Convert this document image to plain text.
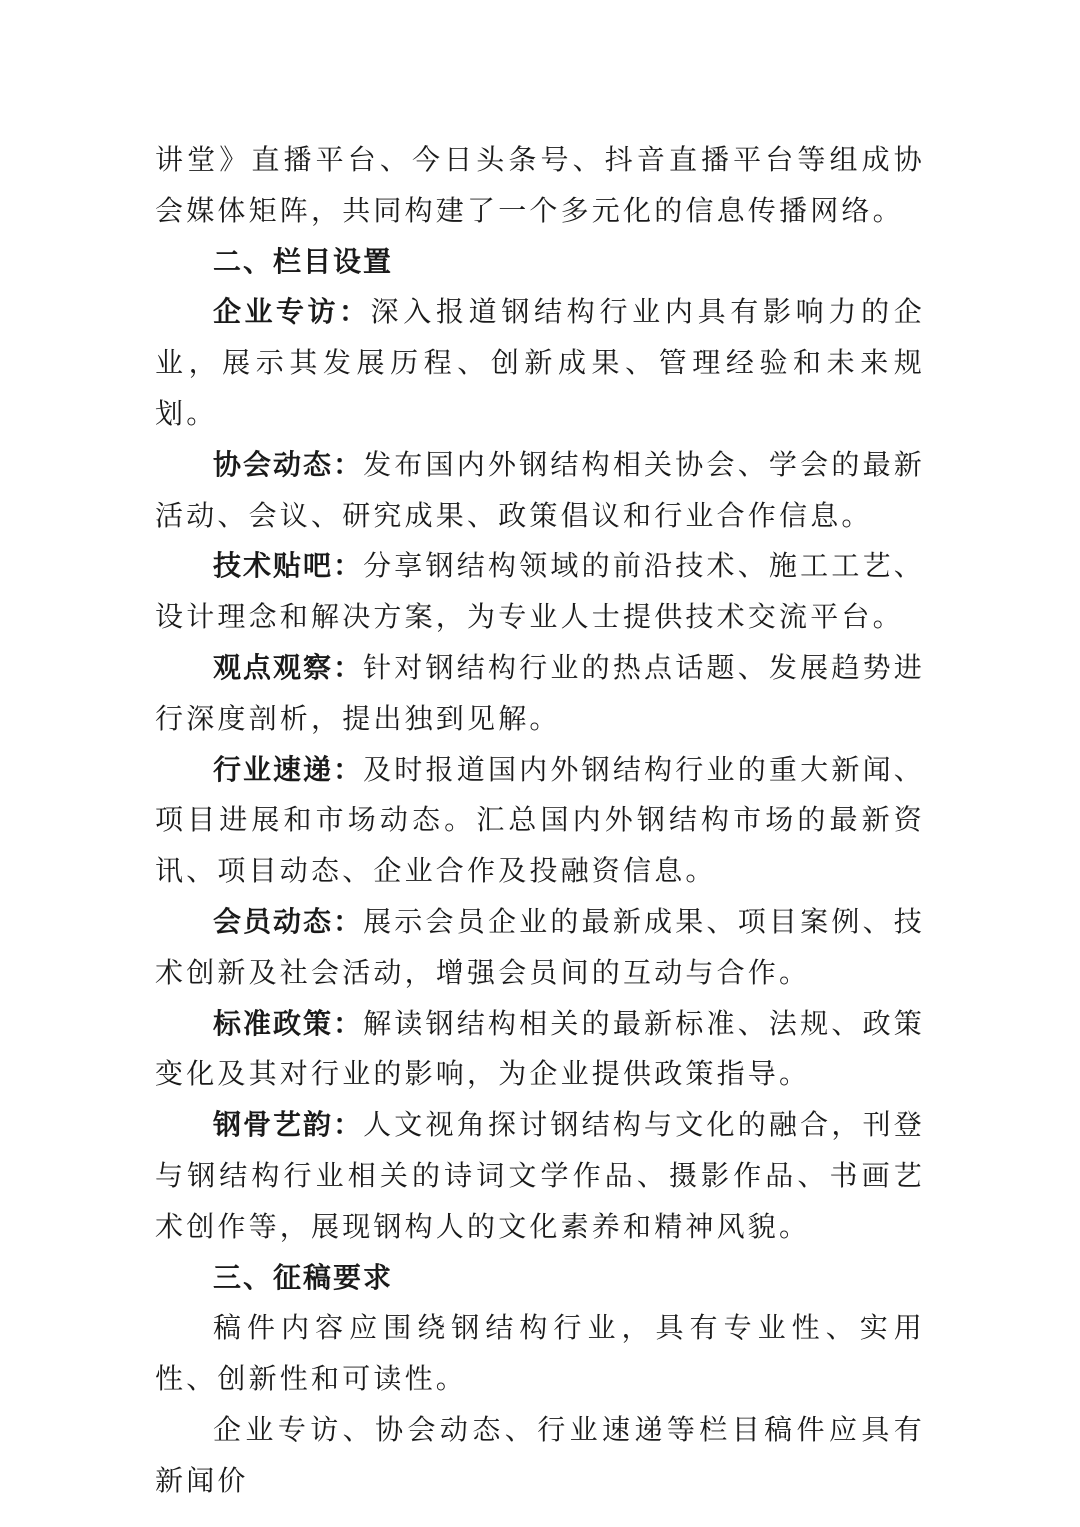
讲堂》直播平台、今日头条号、抖音直播平台等组成协会媒体矩阵，共同构建了一个多元化的信息传播网络。

二、栏目设置

企业专访：深入报道钢结构行业内具有影响力的企业，展示其发展历程、创新成果、管理经验和未来规划。

协会动态：发布国内外钢结构相关协会、学会的最新活动、会议、研究成果、政策倡议和行业合作信息。

技术贴吧：分享钢结构领域的前沿技术、施工工艺、设计理念和解决方案，为专业人士提供技术交流平台。

观点观察：针对钢结构行业的热点话题、发展趋势进行深度剖析，提出独到见解。

行业速递：及时报道国内外钢结构行业的重大新闻、项目进展和市场动态。汇总国内外钢结构市场的最新资讯、项目动态、企业合作及投融资信息。

会员动态：展示会员企业的最新成果、项目案例、技术创新及社会活动，增强会员间的互动与合作。

标准政策：解读钢结构相关的最新标准、法规、政策变化及其对行业的影响，为企业提供政策指导。

钢骨艺韵：人文视角探讨钢结构与文化的融合，刊登与钢结构行业相关的诗词文学作品、摄影作品、书画艺术创作等，展现钢构人的文化素养和精神风貌。

三、征稿要求

稿件内容应围绕钢结构行业，具有专业性、实用性、创新性和可读性。

企业专访、协会动态、行业速递等栏目稿件应具有新闻价
